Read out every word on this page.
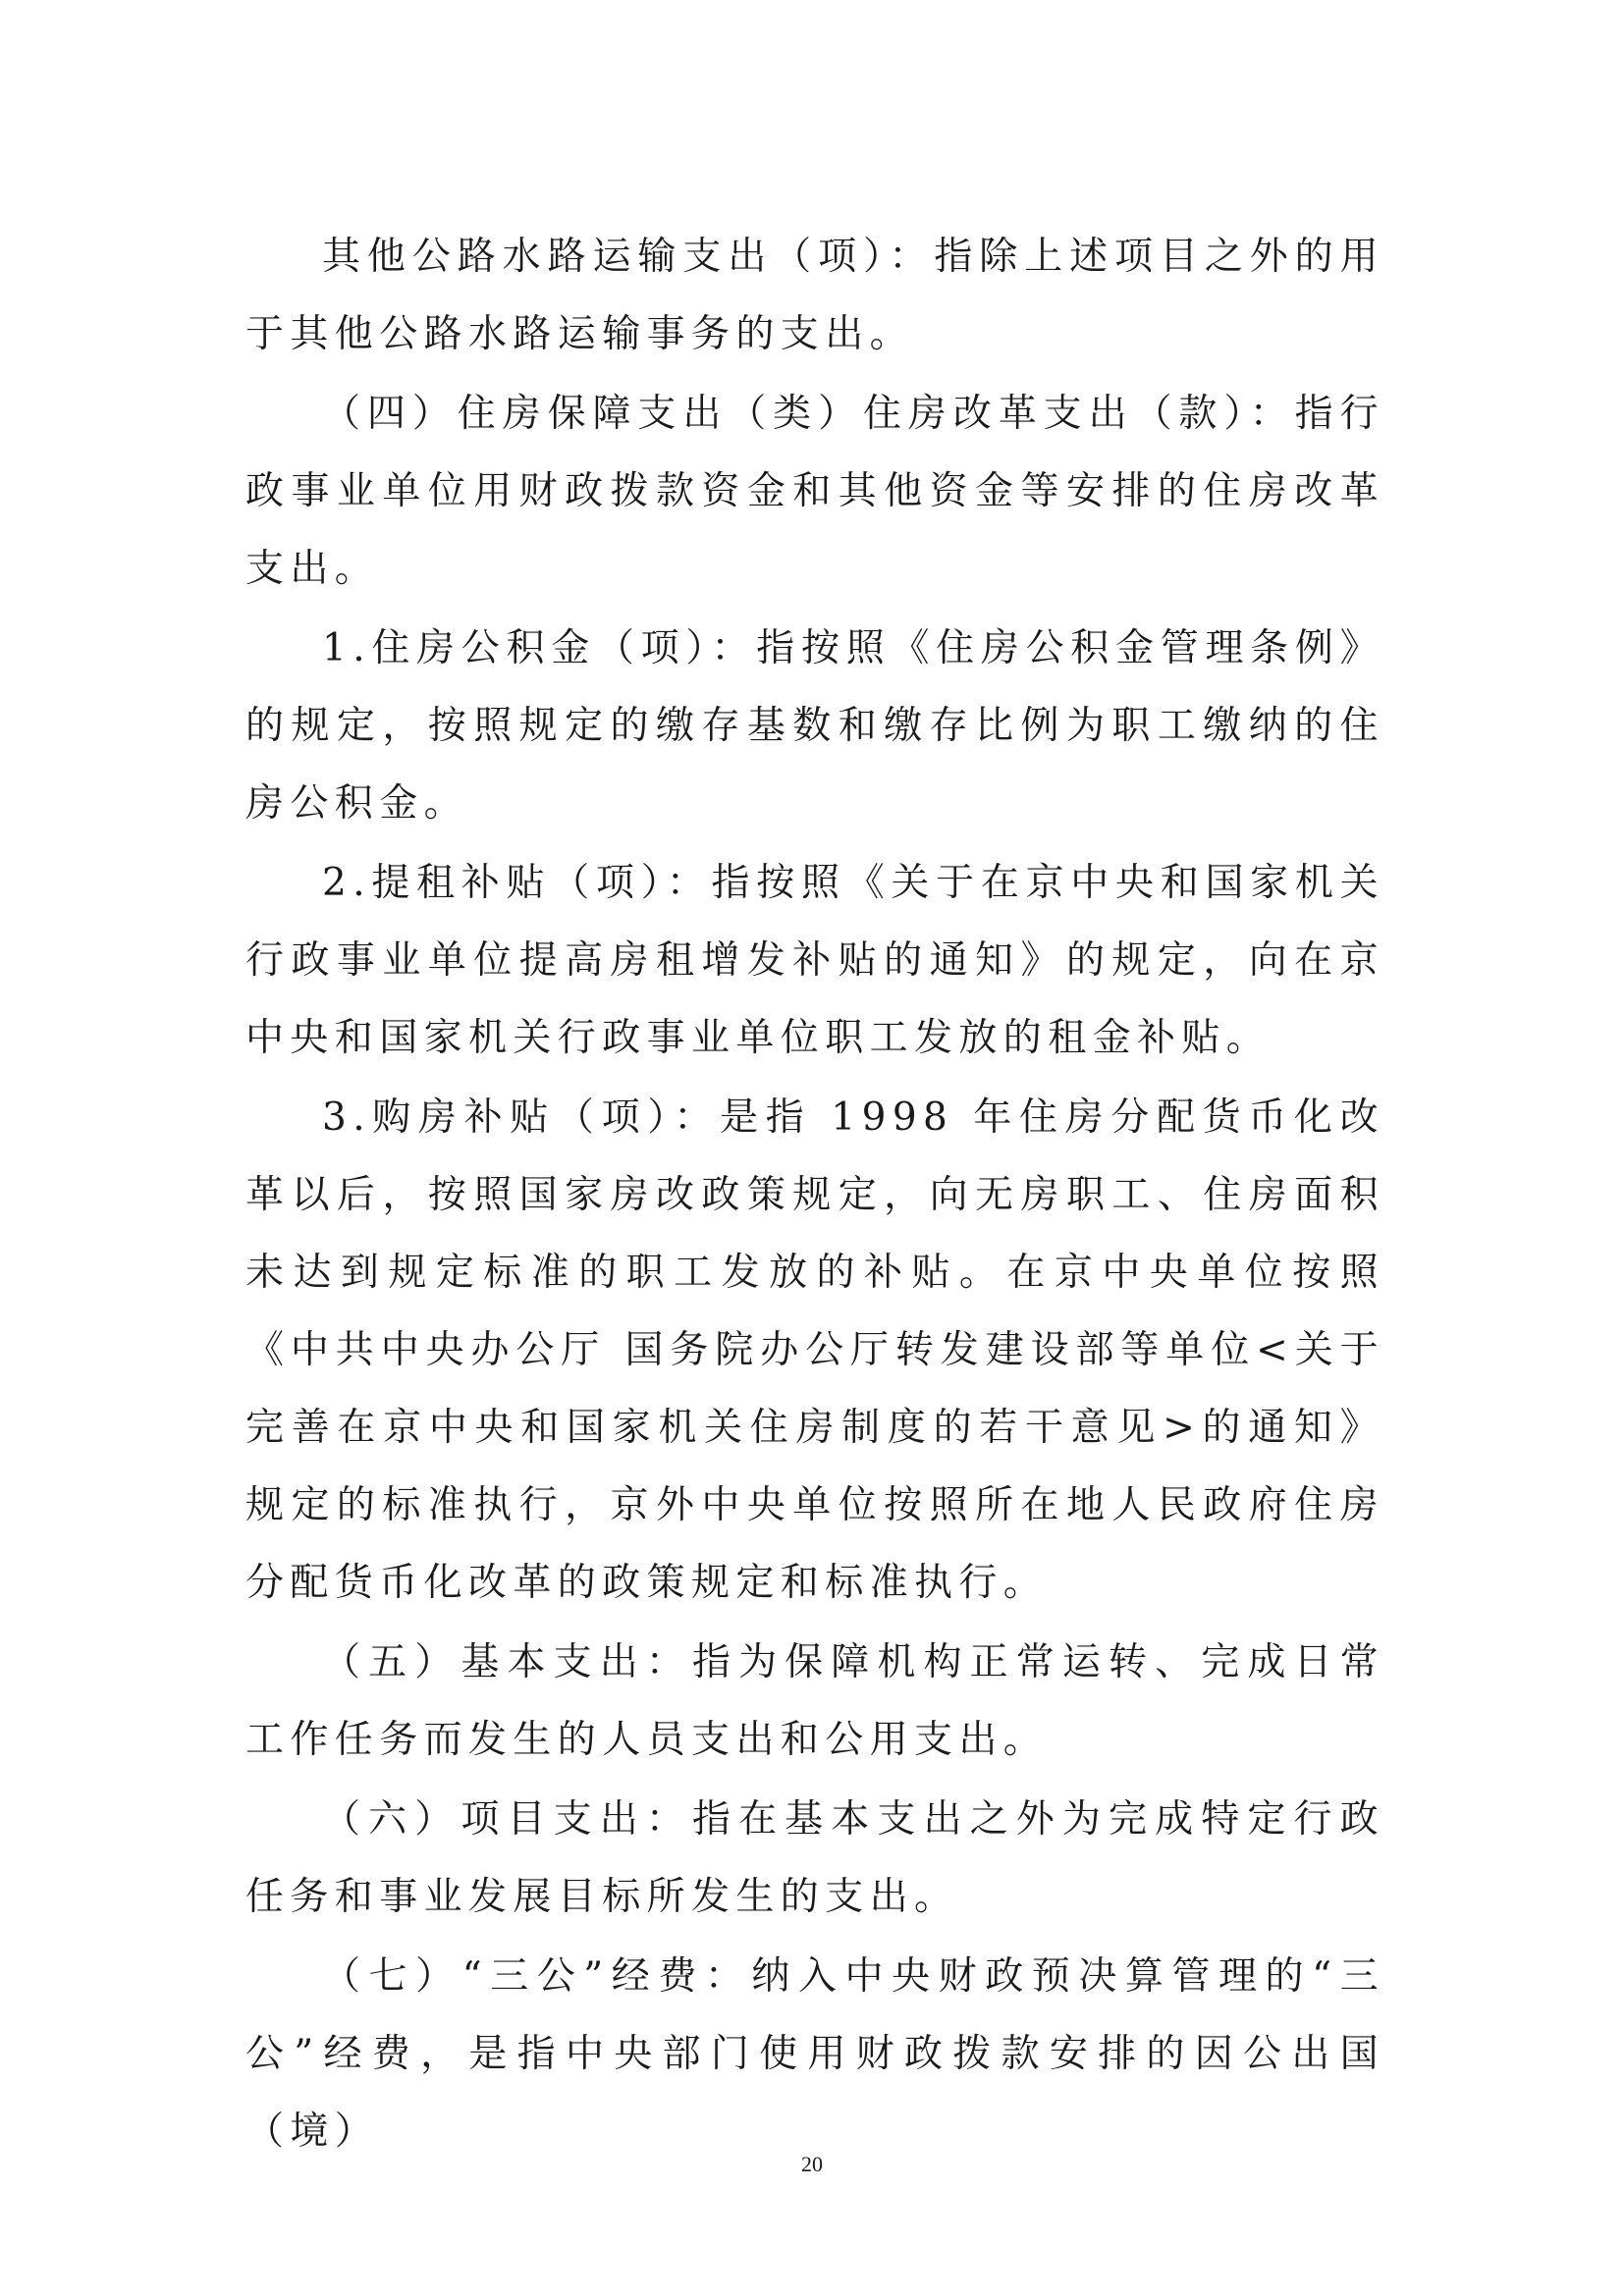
其他公路水路运输支出（项）：指除上述项目之外的用于其他公路水路运输事务的支出。

（四）住房保障支出（类）住房改革支出（款）：指行政事业单位用财政拨款资金和其他资金等安排的住房改革支出。

1.住房公积金（项）：指按照《住房公积金管理条例》的规定，按照规定的缴存基数和缴存比例为职工缴纳的住房公积金。

2.提租补贴（项）：指按照《关于在京中央和国家机关行政事业单位提高房租增发补贴的通知》的规定，向在京中央和国家机关行政事业单位职工发放的租金补贴。

3.购房补贴（项）：是指 1998 年住房分配货币化改革以后，按照国家房改政策规定，向无房职工、住房面积未达到规定标准的职工发放的补贴。在京中央单位按照《中共中央办公厅 国务院办公厅转发建设部等单位<关于完善在京中央和国家机关住房制度的若干意见>的通知》规定的标准执行，京外中央单位按照所在地人民政府住房分配货币化改革的政策规定和标准执行。

（五）基本支出：指为保障机构正常运转、完成日常工作任务而发生的人员支出和公用支出。

（六）项目支出：指在基本支出之外为完成特定行政任务和事业发展目标所发生的支出。

（七）“三公”经费：纳入中央财政预决算管理的“三公”经费，是指中央部门使用财政拨款安排的因公出国（境）

20
